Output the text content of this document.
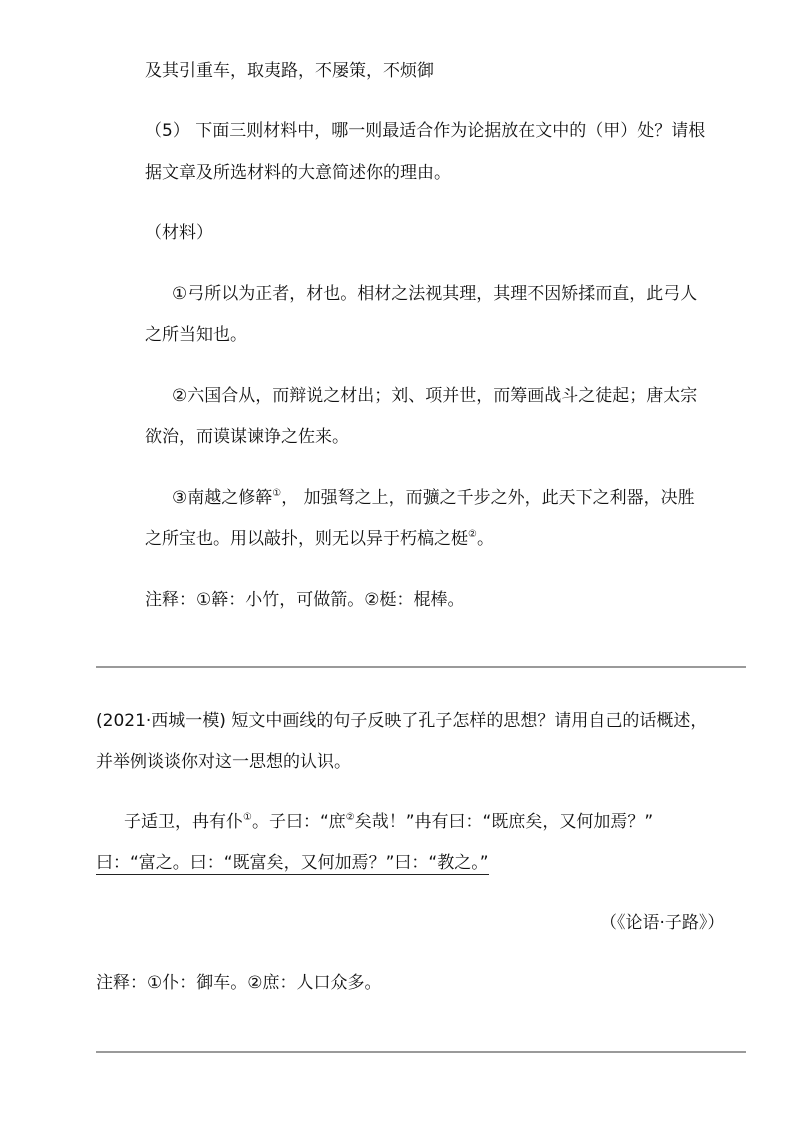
及其引重车，取夷路，不屡策，不烦御
（5） 下面三则材料中，哪一则最适合作为论据放在文中的（甲）处？请根
据文章及所选材料的大意简述你的理由。
（材料）
①弓所以为正者，材也。相材之法视其理，其理不因矫揉而直，此弓人
之所当知也。
②六国合从，而辩说之材出；刘、项并世，而筹画战斗之徒起；唐太宗
欲治，而谟谋谏诤之佐来。
③南越之修簳①， 加强弩之上，而彍之千步之外，此天下之利器，决胜
之所宝也。用以敲扑，则无以异于朽槁之梃②。
注释：①簳：小竹，可做箭。②梃：棍棒。
(2021·西城一模) 短文中画线的句子反映了孔子怎样的思想？请用自己的话概述，
并举例谈谈你对这一思想的认识。
子适卫，冉有仆①。子曰：“庶②矣哉！”冉有曰：“既庶矣，又何加焉？”
曰：“富之。曰：“既富矣，又何加焉？”曰：“教之。”
（《论语·子路》）
注释：①仆：御车。②庶：人口众多。
